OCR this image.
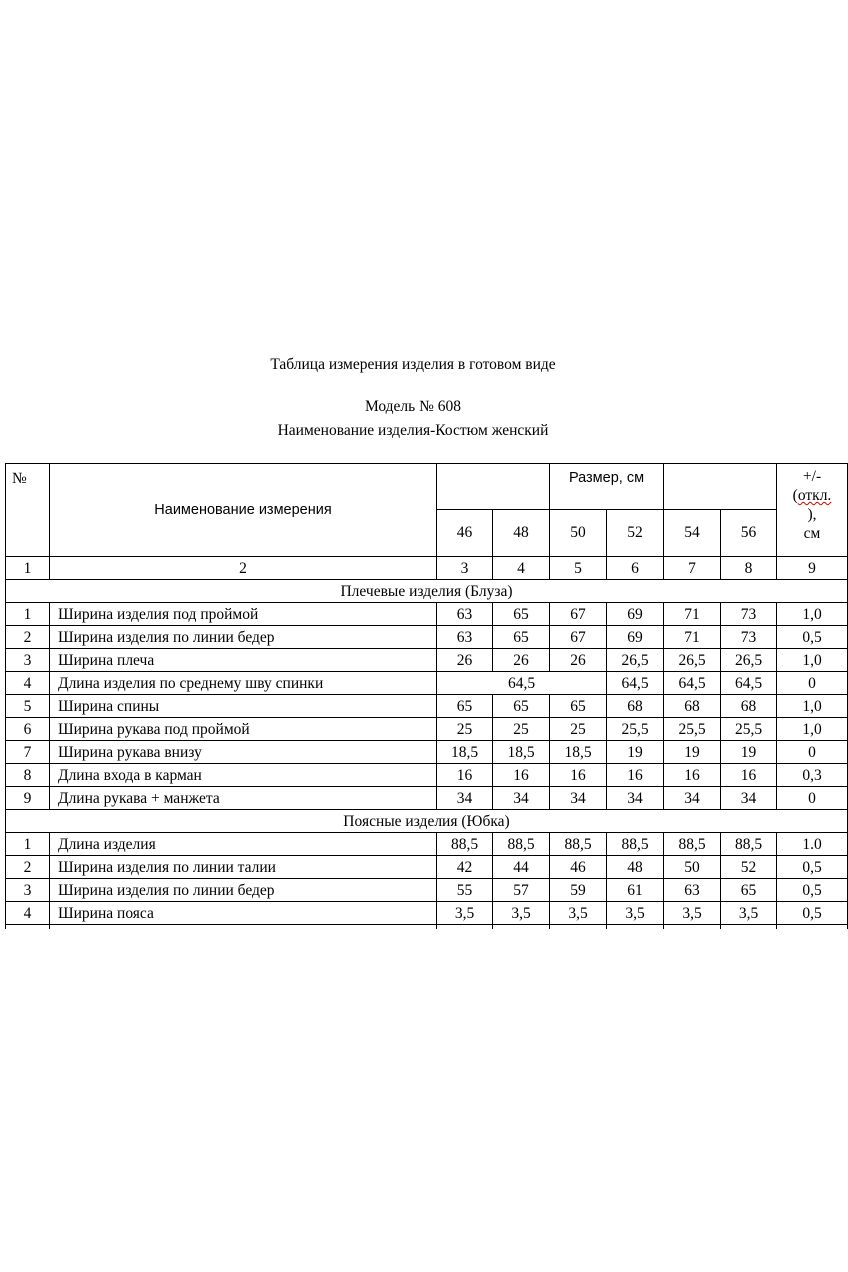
Таблица измерения изделия в готовом виде

Модель № 608

Наименование изделия-Костюм женский

№	Наименование измерения			Размер, см				+/-
(откл.
),
см

		46	48	50	52	54	56	
1	2	3	4	5	6	7	8	9
Плечевые изделия (Блуза)								
1	Ширина изделия под проймой	63	65	67	69	71	73	1,0
2	Ширина изделия по линии бедер	63	65	67	69	71	73	0,5
3	Ширина плеча	26	26	26	26,5	26,5	26,5	1,0
4	Длина изделия по среднему шву спинки	64,5			64,5	64,5	64,5	0
5	Ширина спины	65	65	65	68	68	68	1,0
6	Ширина рукава под проймой	25	25	25	25,5	25,5	25,5	1,0
7	Ширина рукава внизу	18,5	18,5	18,5	19	19	19	0
8	Длина входа в карман	16	16	16	16	16	16	0,3
9	Длина рукава + манжета	34	34	34	34	34	34	0
Поясные изделия (Юбка)								
1	Длина изделия	88,5	88,5	88,5	88,5	88,5	88,5	1.0
2	Ширина изделия по линии талии	42	44	46	48	50	52	0,5
3	Ширина изделия по линии бедер	55	57	59	61	63	65	0,5
4	Ширина пояса	3,5	3,5	3,5	3,5	3,5	3,5	0,5
